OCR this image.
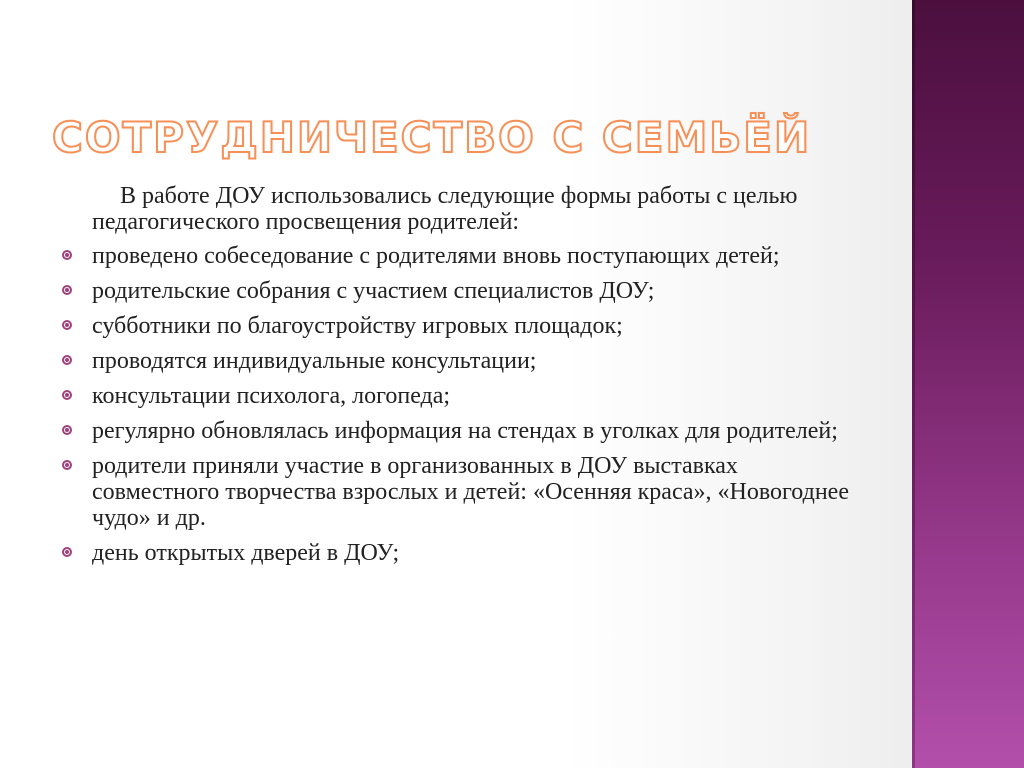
СОТРУДНИЧЕСТВО С СЕМЬЁЙ
В работе ДОУ использовались следующие формы работы с целью педагогического просвещения родителей:
проведено собеседование с родителями вновь поступающих детей;
родительские собрания с участием специалистов ДОУ;
субботники по благоустройству игровых площадок;
проводятся индивидуальные консультации;
консультации психолога, логопеда;
регулярно обновлялась информация на стендах в уголках для родителей;
родители приняли участие в организованных в ДОУ выставках совместного творчества взрослых и детей: «Осенняя краса», «Новогоднее чудо» и др.
день открытых дверей в ДОУ;
